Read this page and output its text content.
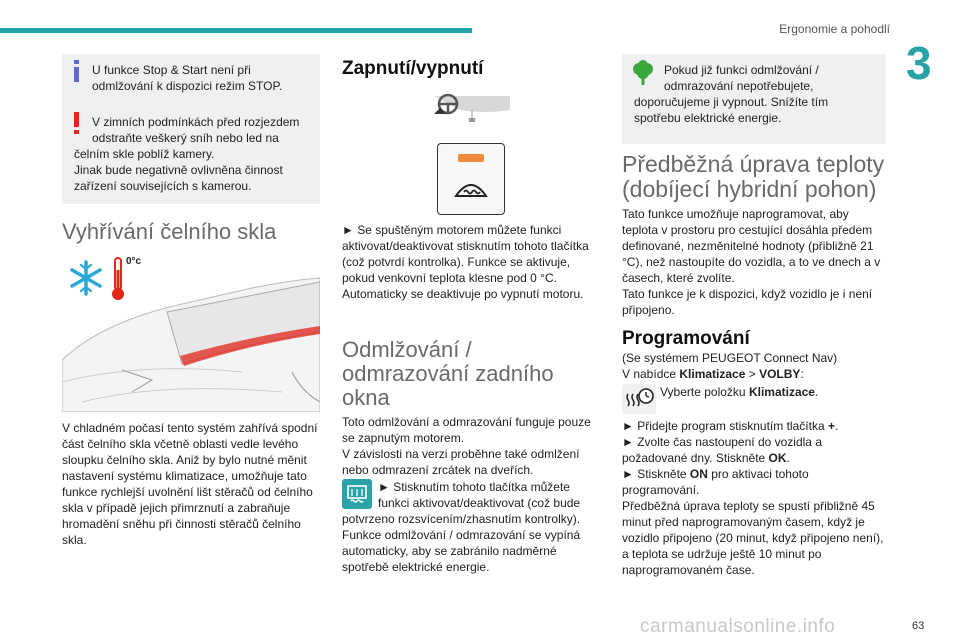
Ergonomie a pohodlí
3
U funkce Stop & Start není při odmlžování k dispozici režim STOP.
V zimních podmínkách před rozjezdem odstraňte veškerý sníh nebo led na
čelním skle poblíž kamery.
Jinak bude negativně ovlivněna činnost zařízení souvisejících s kamerou.
Vyhřívání čelního skla
0°c

V chladném počasí tento systém zahřívá spodní část čelního skla včetně oblasti vedle levého sloupku čelního skla. Aniž by bylo nutné měnit nastavení systému klimatizace, umožňuje tato funkce rychlejší uvolnění lišt stěračů od čelního skla v případě jejich přimrznutí a zabraňuje hromadění sněhu při činnosti stěračů čelního skla.

Zapnutí/vypnutí

► Se spuštěným motorem můžete funkci aktivovat/deaktivovat stisknutím tohoto tlačítka (což potvrdí kontrolka). Funkce se aktivuje, pokud venkovní teplota klesne pod 0 °C. Automaticky se deaktivuje po vypnutí motoru.

Odmlžování / odmrazování zadního okna

Toto odmlžování a odmrazování funguje pouze se zapnutým motorem.

V závislosti na verzi proběhne také odmlžení nebo odmrazení zrcátek na dveřích.

► Stisknutím tohoto tlačítka můžete funkci aktivovat/deaktivovat (což bude

potvrzeno rozsvícením/zhasnutím kontrolky). Funkce odmlžování / odmrazování se vypíná automaticky, aby se zabránilo nadměrné spotřebě elektrické energie.

Pokud již funkci odmlžování / odmrazování nepotřebujete,
doporučujeme ji vypnout. Snížíte tím spotřebu elektrické energie.
Předběžná úprava teploty (dobíjecí hybridní pohon)

Tato funkce umožňuje naprogramovat, aby teplota v prostoru pro cestující dosáhla předem definované, nezměnitelné hodnoty (přibližně 21 °C), než nastoupíte do vozidla, a to ve dnech a v časech, které zvolíte.

Tato funkce je k dispozici, když vozidlo je i není připojeno.

Programování

(Se systémem PEUGEOT Connect Nav)

V nabídce Klimatizace > VOLBY:

Vyberte položku Klimatizace.

► Přidejte program stisknutím tlačítka +.

► Zvolte čas nastoupení do vozidla a požadované dny. Stiskněte OK.

► Stiskněte ON pro aktivaci tohoto programování.

Předběžná úprava teploty se spustí přibližně 45 minut před naprogramovaným časem, když je vozidlo připojeno (20 minut, když připojeno není), a teplota se udržuje ještě 10 minut po naprogramovaném čase.

63
carmanualsonline.info
